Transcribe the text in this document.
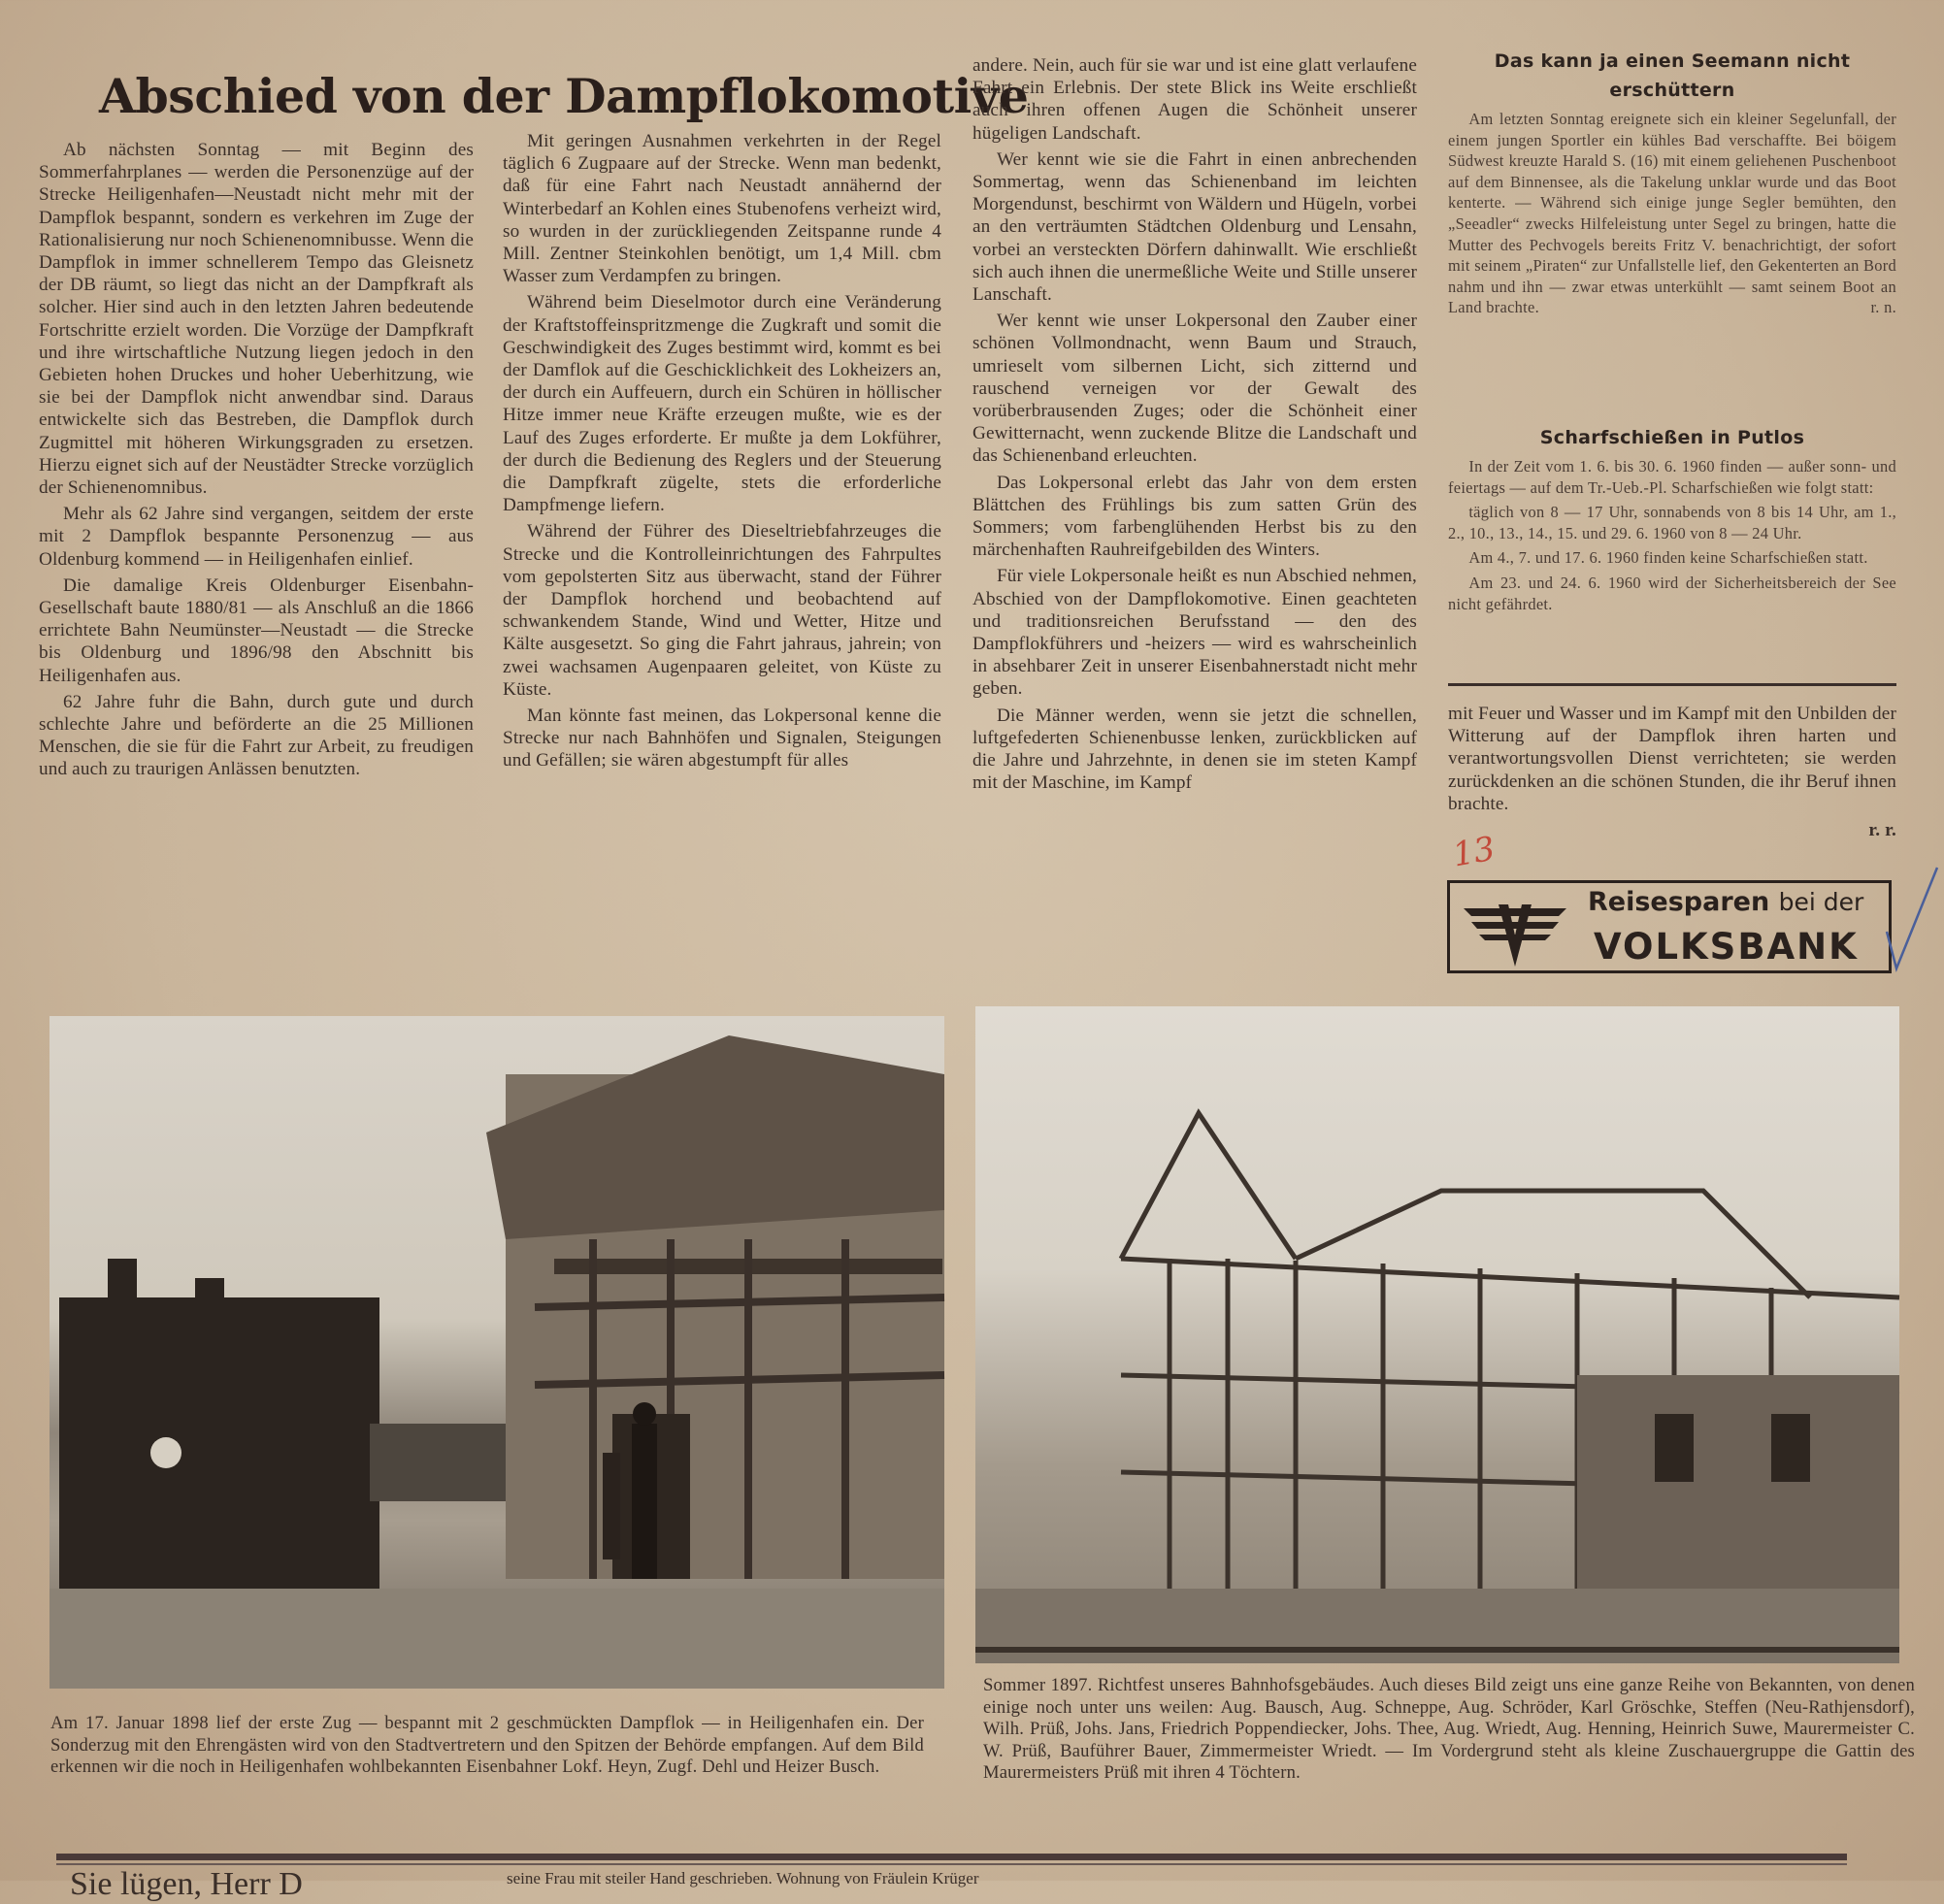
Abschied von der Dampflokomotive

Ab nächsten Sonntag — mit Beginn des Sommerfahrplanes — werden die Personenzüge auf der Strecke Heiligenhafen—Neustadt nicht mehr mit der Dampflok bespannt, sondern es verkehren im Zuge der Rationalisierung nur noch Schienenomnibusse. Wenn die Dampflok in immer schnellerem Tempo das Gleisnetz der DB räumt, so liegt das nicht an der Dampfkraft als solcher. Hier sind auch in den letzten Jahren bedeutende Fortschritte erzielt worden. Die Vorzüge der Dampfkraft und ihre wirtschaftliche Nutzung liegen jedoch in den Gebieten hohen Druckes und hoher Ueberhitzung, wie sie bei der Dampflok nicht anwendbar sind. Daraus entwickelte sich das Bestreben, die Dampflok durch Zugmittel mit höheren Wirkungsgraden zu ersetzen. Hierzu eignet sich auf der Neustädter Strecke vorzüglich der Schienenomnibus.

Mehr als 62 Jahre sind vergangen, seitdem der erste mit 2 Dampflok bespannte Personenzug — aus Oldenburg kommend — in Heiligenhafen einlief.

Die damalige Kreis Oldenburger Eisenbahn-Gesellschaft baute 1880/81 — als Anschluß an die 1866 errichtete Bahn Neumünster—Neustadt — die Strecke bis Oldenburg und 1896/98 den Abschnitt bis Heiligenhafen aus.

62 Jahre fuhr die Bahn, durch gute und durch schlechte Jahre und beförderte an die 25 Millionen Menschen, die sie für die Fahrt zur Arbeit, zu freudigen und auch zu traurigen Anlässen benutzten.

Mit geringen Ausnahmen verkehrten in der Regel täglich 6 Zugpaare auf der Strecke. Wenn man bedenkt, daß für eine Fahrt nach Neustadt annähernd der Winterbedarf an Kohlen eines Stubenofens verheizt wird, so wurden in der zurückliegenden Zeitspanne runde 4 Mill. Zentner Steinkohlen benötigt, um 1,4 Mill. cbm Wasser zum Verdampfen zu bringen.

Während beim Dieselmotor durch eine Veränderung der Kraftstoffeinspritzmenge die Zugkraft und somit die Geschwindigkeit des Zuges bestimmt wird, kommt es bei der Damflok auf die Geschicklichkeit des Lokheizers an, der durch ein Auffeuern, durch ein Schüren in höllischer Hitze immer neue Kräfte erzeugen mußte, wie es der Lauf des Zuges erforderte. Er mußte ja dem Lokführer, der durch die Bedienung des Reglers und der Steuerung die Dampfkraft zügelte, stets die erforderliche Dampfmenge liefern.

Während der Führer des Dieseltriebfahrzeuges die Strecke und die Kontrolleinrichtungen des Fahrpultes vom gepolsterten Sitz aus überwacht, stand der Führer der Dampflok horchend und beobachtend auf schwankendem Stande, Wind und Wetter, Hitze und Kälte ausgesetzt. So ging die Fahrt jahraus, jahrein; von zwei wachsamen Augenpaaren geleitet, von Küste zu Küste.

Man könnte fast meinen, das Lokpersonal kenne die Strecke nur nach Bahnhöfen und Signalen, Steigungen und Gefällen; sie wären abgestumpft für alles

andere. Nein, auch für sie war und ist eine glatt verlaufene Fahrt ein Erlebnis. Der stete Blick ins Weite erschließt auch ihren offenen Augen die Schönheit unserer hügeligen Landschaft.

Wer kennt wie sie die Fahrt in einen anbrechenden Sommertag, wenn das Schienenband im leichten Morgendunst, beschirmt von Wäldern und Hügeln, vorbei an den verträumten Städtchen Oldenburg und Lensahn, vorbei an versteckten Dörfern dahinwallt. Wie erschließt sich auch ihnen die unermeßliche Weite und Stille unserer Lanschaft.

Wer kennt wie unser Lokpersonal den Zauber einer schönen Vollmondnacht, wenn Baum und Strauch, umrieselt vom silbernen Licht, sich zitternd und rauschend verneigen vor der Gewalt des vorüberbrausenden Zuges; oder die Schönheit einer Gewitternacht, wenn zuckende Blitze die Landschaft und das Schienenband erleuchten.

Das Lokpersonal erlebt das Jahr von dem ersten Blättchen des Frühlings bis zum satten Grün des Sommers; vom farbenglühenden Herbst bis zu den märchenhaften Rauhreifgebilden des Winters.

Für viele Lokpersonale heißt es nun Abschied nehmen, Abschied von der Dampflokomotive. Einen geachteten und traditionsreichen Berufsstand — den des Dampflokführers und -heizers — wird es wahrscheinlich in absehbarer Zeit in unserer Eisenbahnerstadt nicht mehr geben.

Die Männer werden, wenn sie jetzt die schnellen, luftgefederten Schienenbusse lenken, zurückblicken auf die Jahre und Jahrzehnte, in denen sie im steten Kampf mit der Maschine, im Kampf

Das kann ja einen Seemann nicht erschüttern

Am letzten Sonntag ereignete sich ein kleiner Segelunfall, der einem jungen Sportler ein kühles Bad verschaffte. Bei böigem Südwest kreuzte Harald S. (16) mit einem geliehenen Puschenboot auf dem Binnensee, als die Takelung unklar wurde und das Boot kenterte. — Während sich einige junge Segler bemühten, den „Seeadler“ zwecks Hilfeleistung unter Segel zu bringen, hatte die Mutter des Pechvogels bereits Fritz V. benachrichtigt, der sofort mit seinem „Piraten“ zur Unfallstelle lief, den Gekenterten an Bord nahm und ihn — zwar etwas unterkühlt — samt seinem Boot an Land brachte.	r. n.

Scharfschießen in Putlos

In der Zeit vom 1. 6. bis 30. 6. 1960 finden — außer sonn- und feiertags — auf dem Tr.-Ueb.-Pl. Scharfschießen wie folgt statt:

täglich von 8 — 17 Uhr, sonnabends von 8 bis 14 Uhr, am 1., 2., 10., 13., 14., 15. und 29. 6. 1960 von 8 — 24 Uhr.

Am 4., 7. und 17. 6. 1960 finden keine Scharfschießen statt.

Am 23. und 24. 6. 1960 wird der Sicherheitsbereich der See nicht gefährdet.

mit Feuer und Wasser und im Kampf mit den Unbilden der Witterung auf der Dampflok ihren harten und verantwortungsvollen Dienst verrichteten; sie werden zurückdenken an die schönen Stunden, die ihr Beruf ihnen brachte.

r. r.
13
Reisesparen bei der
VOLKSBANK
Am 17. Januar 1898 lief der erste Zug — bespannt mit 2 geschmückten Dampflok — in Heiligenhafen ein. Der Sonderzug mit den Ehrengästen wird von den Stadtvertretern und den Spitzen der Behörde empfangen. Auf dem Bild erkennen wir die noch in Heiligenhafen wohlbekannten Eisenbahner Lokf. Heyn, Zugf. Dehl und Heizer Busch.
Sommer 1897. Richtfest unseres Bahnhofsgebäudes. Auch dieses Bild zeigt uns eine ganze Reihe von Bekannten, von denen einige noch unter uns weilen: Aug. Bausch, Aug. Schneppe, Aug. Schröder, Karl Gröschke, Steffen (Neu-Rathjensdorf), Wilh. Prüß, Johs. Jans, Friedrich Poppendiecker, Johs. Thee, Aug. Wriedt, Aug. Henning, Heinrich Suwe, Maurermeister C. W. Prüß, Bauführer Bauer, Zimmermeister Wriedt. — Im Vordergrund steht als kleine Zuschauergruppe die Gattin des Maurermeisters Prüß mit ihren 4 Töchtern.
Sie lügen, Herr D	seine Frau mit steiler Hand geschrieben. Wohnung von Fräulein Krüger
